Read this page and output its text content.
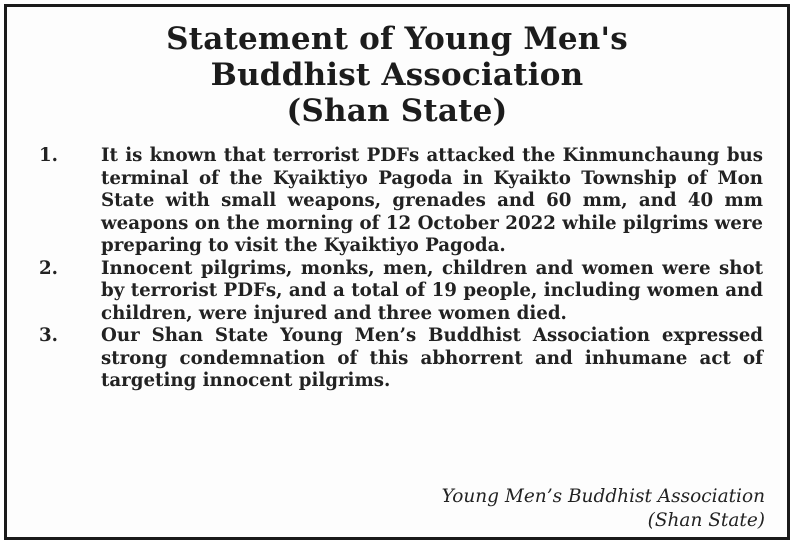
Statement of Young Men's
Buddhist Association
(Shan State)
1.	It is known that terrorist PDFs attacked the Kinmunchaung bus terminal of the Kyaiktiyo Pagoda in Kyaikto Township of Mon State with small weapons, grenades and 60 mm, and 40 mm weapons on the morning of 12 October 2022 while pilgrims were preparing to visit the Kyaiktiyo Pagoda.
2.	Innocent pilgrims, monks, men, children and women were shot by terrorist PDFs, and a total of 19 people, including women and children, were injured and three women died.
3.	Our Shan State Young Men’s Buddhist Association expressed strong condemnation of this abhorrent and inhumane act of targeting innocent pilgrims.
Young Men’s Buddhist Association
(Shan State)
